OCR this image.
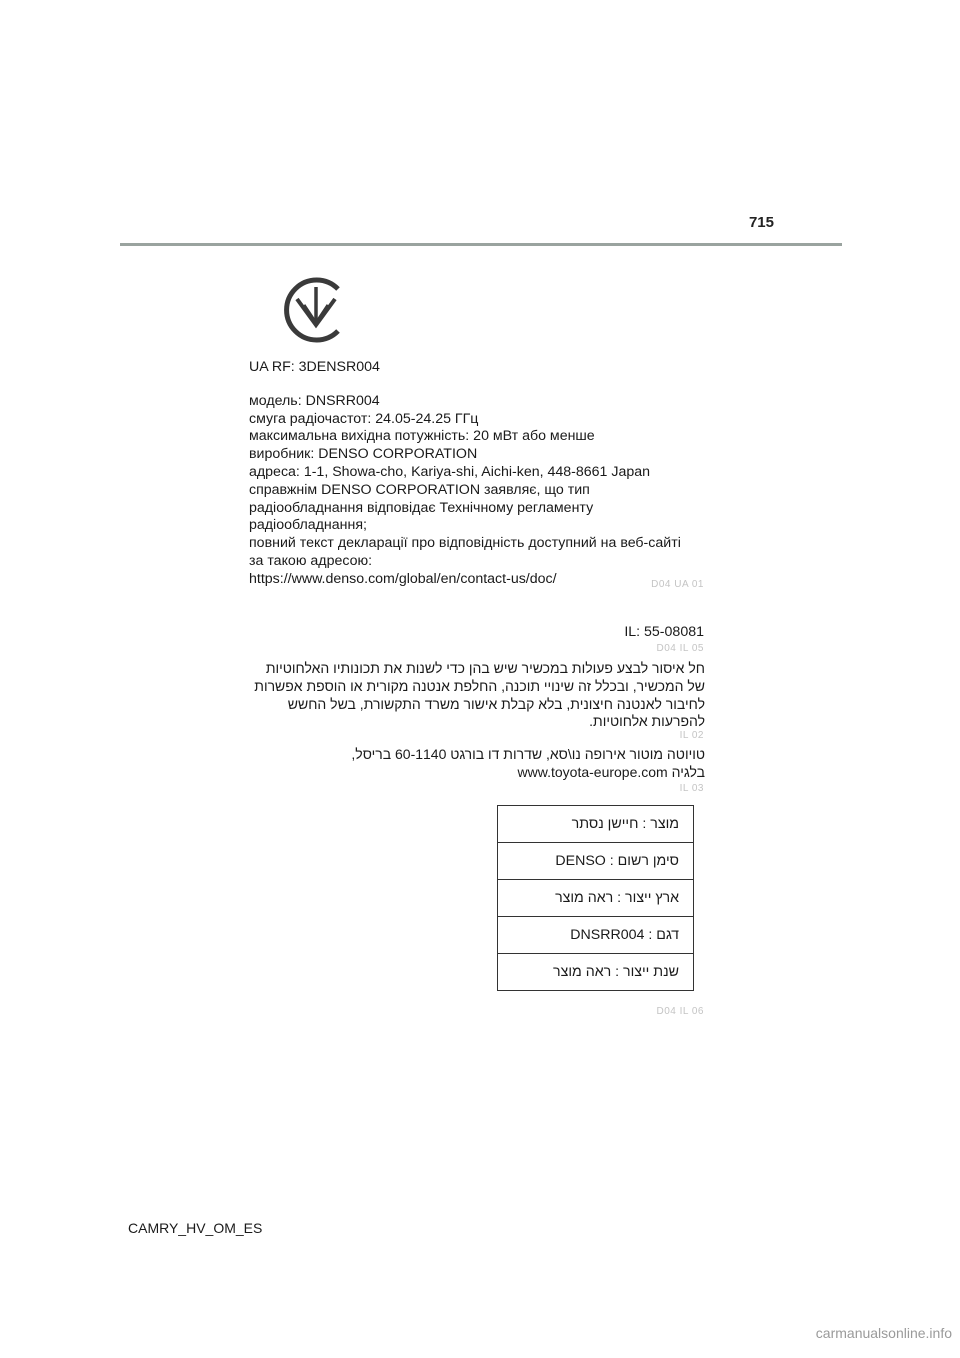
715
UA RF: 3DENSR004
модель: DNSRR004
смуга радіочастот: 24.05-24.25 ГГц
максимальна вихідна потужність: 20 мВт або менше
виробник: DENSO CORPORATION
адреса: 1-1, Showa-cho, Kariya-shi, Aichi-ken, 448-8661 Japan
справжнім DENSO CORPORATION заявляє, що тип
радіообладнання відповідає Технічному регламенту
радіообладнання;
повний текст декларації про відповідність доступний на веб-сайті
за такою адресою:
https://www.denso.com/global/en/contact-us/doc/	D04 UA 01
IL: 55-08081
D04 IL 05
חל איסור לבצע פעולות במכשיר שיש בהן כדי לשנות את תכונותיו האלחוטיות
של המכשיר, ובכלל זה שינויי תוכנה, החלפת אנטנה מקורית או הוספת אפשרות
לחיבור לאנטנה חיצונית, בלא קבלת אישור משרד התקשורת, בשל החשש
להפרעות אלחוטיות.
IL 02
טויוטה מוטור אירופה נו\סא, שדרות דו בורגט 60-1140 בריסל,
בלגיה www.toyota-europe.com
IL 03
מוצר : חיישן נסתר
סימן רשום : DENSO
ארץ ייצור : ראה מוצר
דגם : DNSRR004
שנת ייצור : ראה מוצר
D04 IL 06
CAMRY_HV_OM_ES
carmanualsonline.info
